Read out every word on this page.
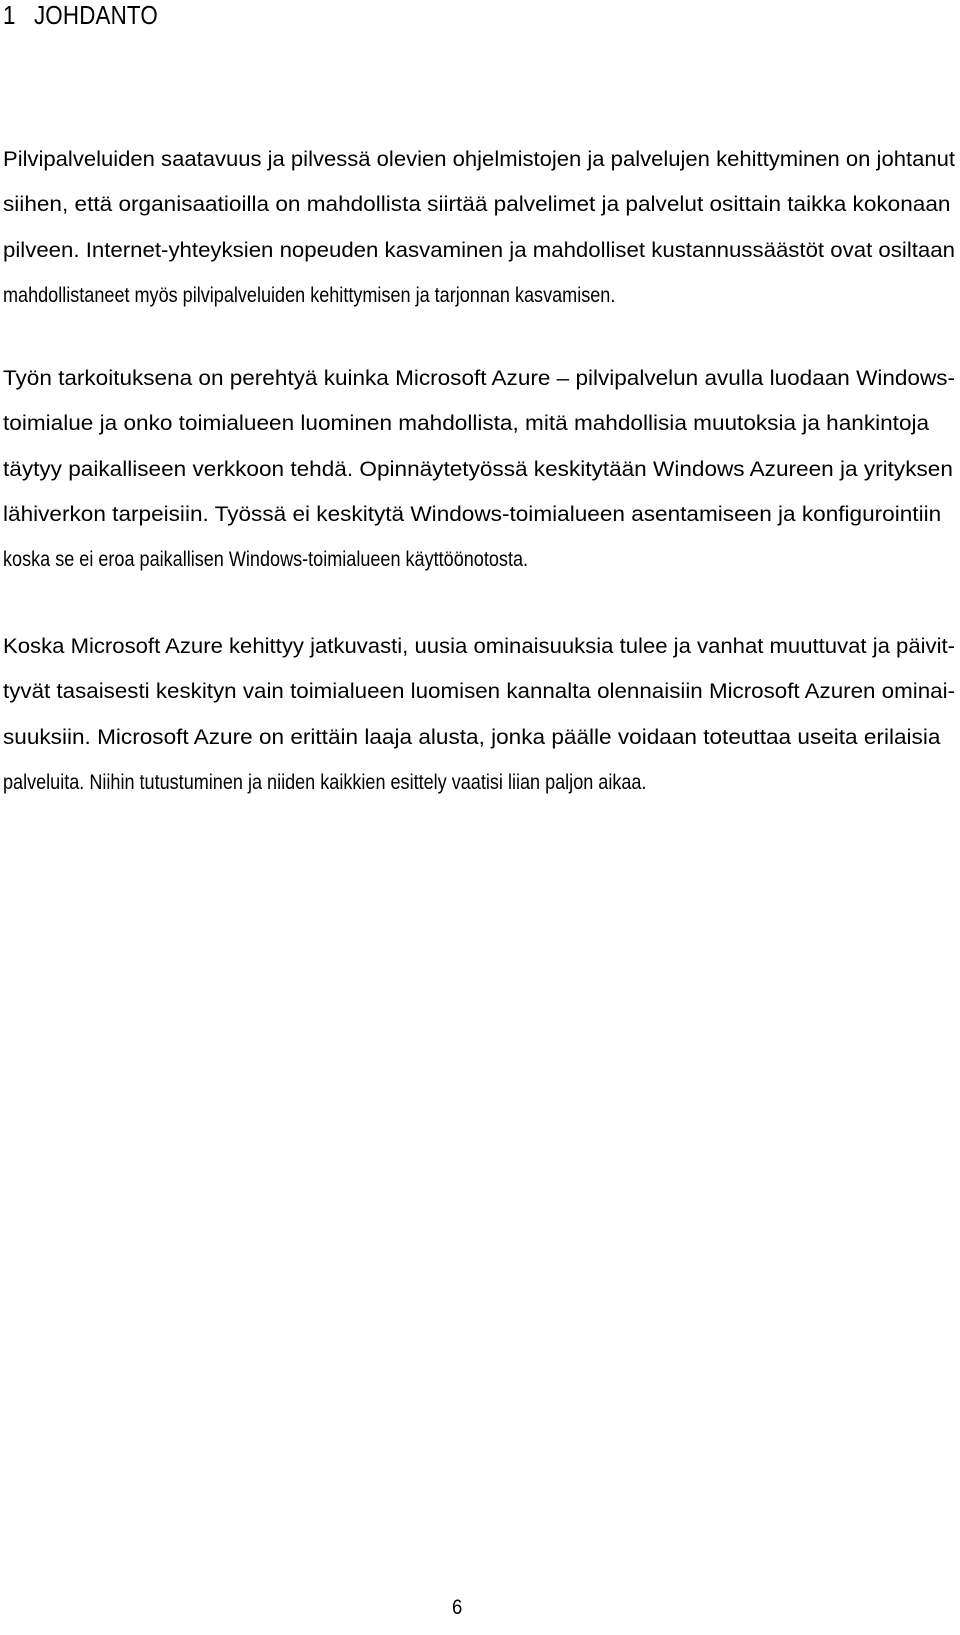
1 JOHDANTO
Pilvipalveluiden saatavuus ja pilvessä olevien ohjelmistojen ja palvelujen kehittyminen on johtanut
siihen, että organisaatioilla on mahdollista siirtää palvelimet ja palvelut osittain taikka kokonaan
pilveen. Internet-yhteyksien nopeuden kasvaminen ja mahdolliset kustannussäästöt ovat osiltaan
mahdollistaneet myös pilvipalveluiden kehittymisen ja tarjonnan kasvamisen.
Työn tarkoituksena on perehtyä kuinka Microsoft Azure – pilvipalvelun avulla luodaan Windows-
toimialue ja onko toimialueen luominen mahdollista, mitä mahdollisia muutoksia ja hankintoja
täytyy paikalliseen verkkoon tehdä. Opinnäytetyössä keskitytään Windows Azureen ja yrityksen
lähiverkon tarpeisiin. Työssä ei keskitytä Windows-toimialueen asentamiseen ja konfigurointiin
koska se ei eroa paikallisen Windows-toimialueen käyttöönotosta.
Koska Microsoft Azure kehittyy jatkuvasti, uusia ominaisuuksia tulee ja vanhat muuttuvat ja päivit-
tyvät tasaisesti keskityn vain toimialueen luomisen kannalta olennaisiin Microsoft Azuren ominai-
suuksiin. Microsoft Azure on erittäin laaja alusta, jonka päälle voidaan toteuttaa useita erilaisia
palveluita. Niihin tutustuminen ja niiden kaikkien esittely vaatisi liian paljon aikaa.
6
